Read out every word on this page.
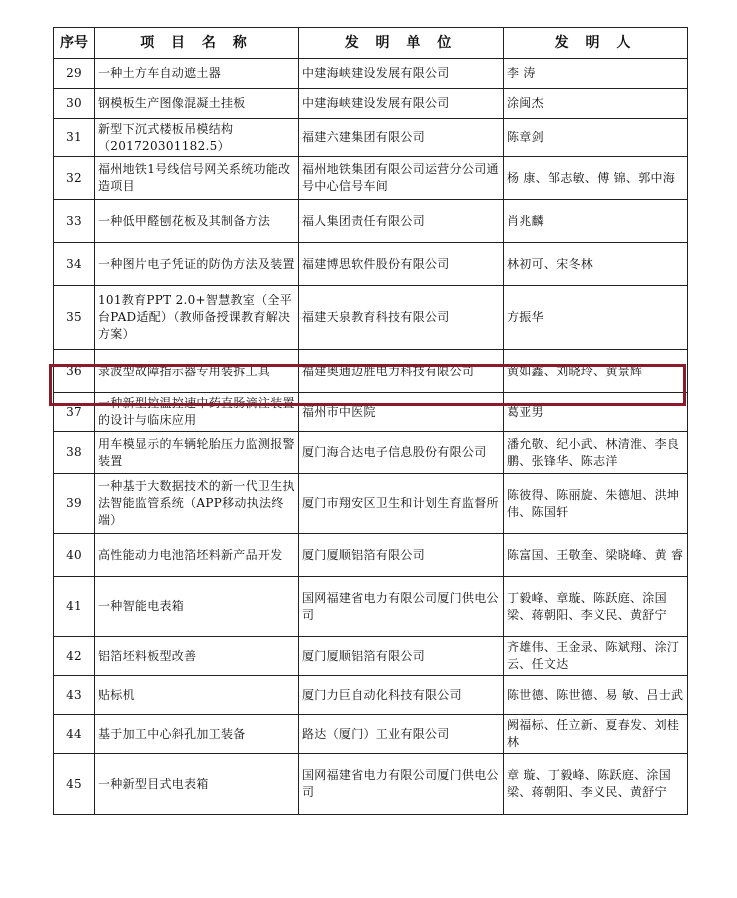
序号	项 目 名 称	发 明 单 位	发 明 人
29	一种土方车自动遮土器	中建海峡建设发展有限公司	李 涛
30	钢模板生产图像混凝土挂板	中建海峡建设发展有限公司	涂闽杰
31	新型下沉式楼板吊模结构（201720301182.5）	福建六建集团有限公司	陈章剑
32	福州地铁1号线信号网关系统功能改造项目	福州地铁集团有限公司运营分公司通号中心信号车间	杨 康、邹志敏、傅 锦、郭中海
33	一种低甲醛刨花板及其制备方法	福人集团责任有限公司	肖兆麟
34	一种图片电子凭证的防伪方法及装置	福建博思软件股份有限公司	林初可、宋冬林
35	101教育PPT 2.0+智慧教室（全平台PAD适配）（教师备授课教育解决方案）	福建天泉教育科技有限公司	方振华
36	录波型故障指示器专用装拆工具	福建奥通迈胜电力科技有限公司	黄如鑫、刘晓玲、黄景辉
37	一种新型控温控速中药直肠滴注装置的设计与临床应用	福州市中医院	葛亚男
38	用车模显示的车辆轮胎压力监测报警装置	厦门海合达电子信息股份有限公司	潘允敬、纪小武、林清淮、李良鹏、张锋华、陈志洋
39	一种基于大数据技术的新一代卫生执法智能监管系统（APP移动执法终端）	厦门市翔安区卫生和计划生育监督所	陈彼得、陈丽旋、朱德旭、洪坤伟、陈国轩
40	高性能动力电池箔坯料新产品开发	厦门厦顺铝箔有限公司	陈富国、王敬奎、梁晓峰、黄 睿
41	一种智能电表箱	国网福建省电力有限公司厦门供电公司	丁毅峰、章璇、陈跃庭、涂国梁、蒋朝阳、李义民、黄舒宁
42	铝箔坯料板型改善	厦门厦顺铝箔有限公司	齐雄伟、王金录、陈斌翔、涂汀云、任文达
43	贴标机	厦门力巨自动化科技有限公司	陈世德、陈世德、易 敏、吕士武
44	基于加工中心斜孔加工装备	路达（厦门）工业有限公司	阙福标、任立新、夏春发、刘桂林
45	一种新型目式电表箱	国网福建省电力有限公司厦门供电公司	章 璇、丁毅峰、陈跃庭、涂国梁、蒋朝阳、李义民、黄舒宁
